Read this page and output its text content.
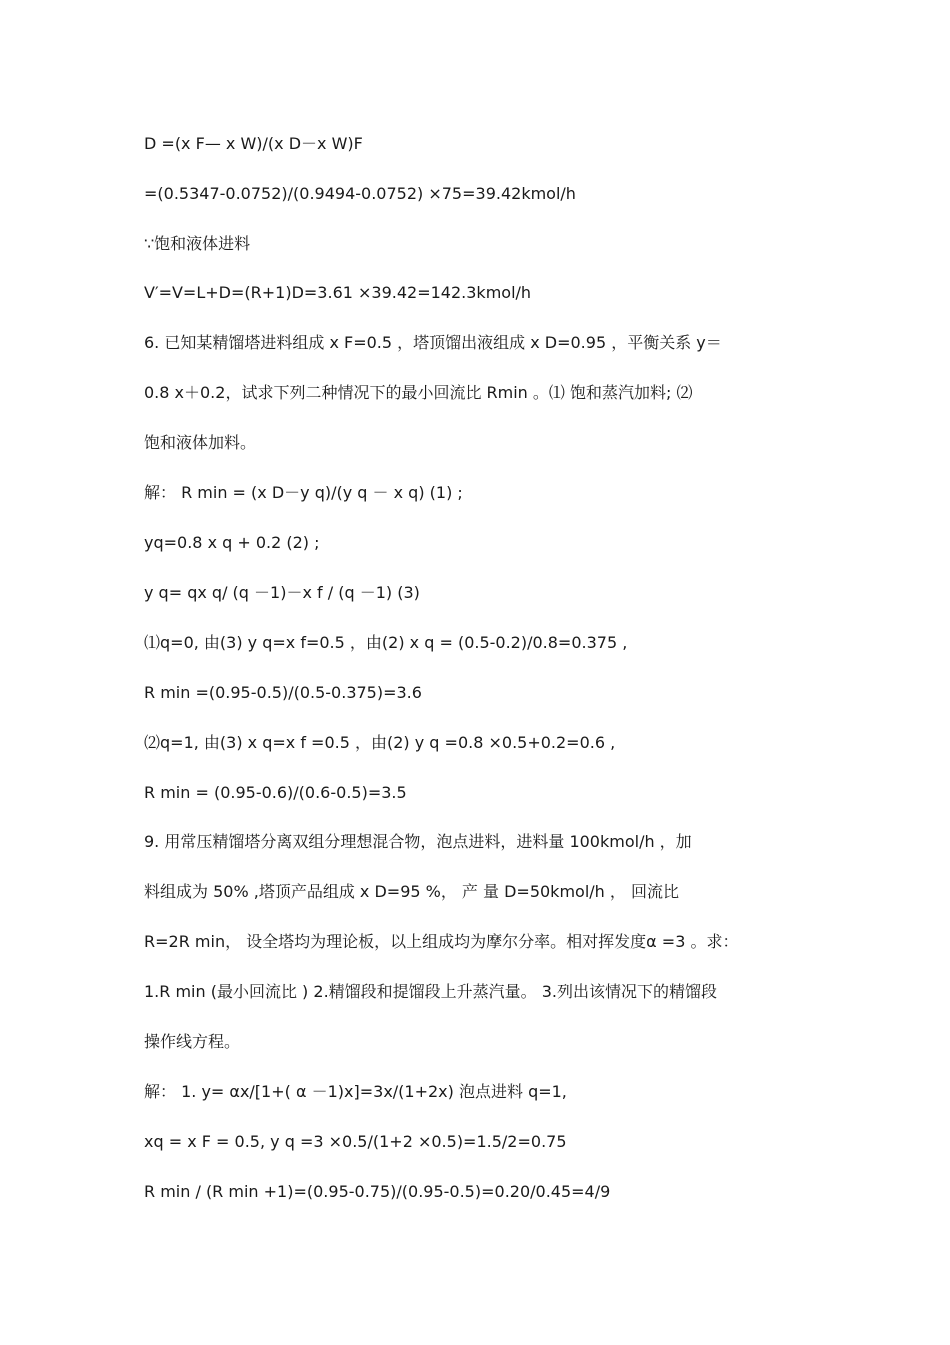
D =(x F— x W)/(x D－x W)F
=(0.5347-0.0752)/(0.9494-0.0752) ×75=39.42kmol/h
∵饱和液体进料
V′=V=L+D=(R+1)D=3.61 ×39.42=142.3kmol/h
6. 已知某精馏塔进料组成 x F=0.5 ，塔顶馏出液组成 x D=0.95 ，平衡关系 y＝
0.8 x＋0.2，试求下列二种情况下的最小回流比 Rmin 。⑴ 饱和蒸汽加料; ⑵
饱和液体加料。
解： R min = (x D－y q)/(y q － x q) (1) ;
yq=0.8 x q + 0.2 (2) ;
y q= qx q/ (q －1)－x f / (q －1) (3)
⑴q=0, 由(3) y q=x f=0.5 ，由(2) x q = (0.5-0.2)/0.8=0.375 ,
R min =(0.95-0.5)/(0.5-0.375)=3.6
⑵q=1, 由(3) x q=x f =0.5 ，由(2) y q =0.8 ×0.5+0.2=0.6 ,
R min = (0.95-0.6)/(0.6-0.5)=3.5
9. 用常压精馏塔分离双组分理想混合物，泡点进料，进料量 100kmol/h ，加
料组成为 50% ,塔顶产品组成 x D=95 %， 产 量 D=50kmol/h ， 回流比
R=2R min， 设全塔均为理论板，以上组成均为摩尔分率。相对挥发度α =3 。求：
1.R min (最小回流比 ) 2.精馏段和提馏段上升蒸汽量。 3.列出该情况下的精馏段
操作线方程。
解： 1. y= αx/[1+( α －1)x]=3x/(1+2x) 泡点进料 q=1,
xq = x F = 0.5, y q =3 ×0.5/(1+2 ×0.5)=1.5/2=0.75
R min / (R min +1)=(0.95-0.75)/(0.95-0.5)=0.20/0.45=4/9
